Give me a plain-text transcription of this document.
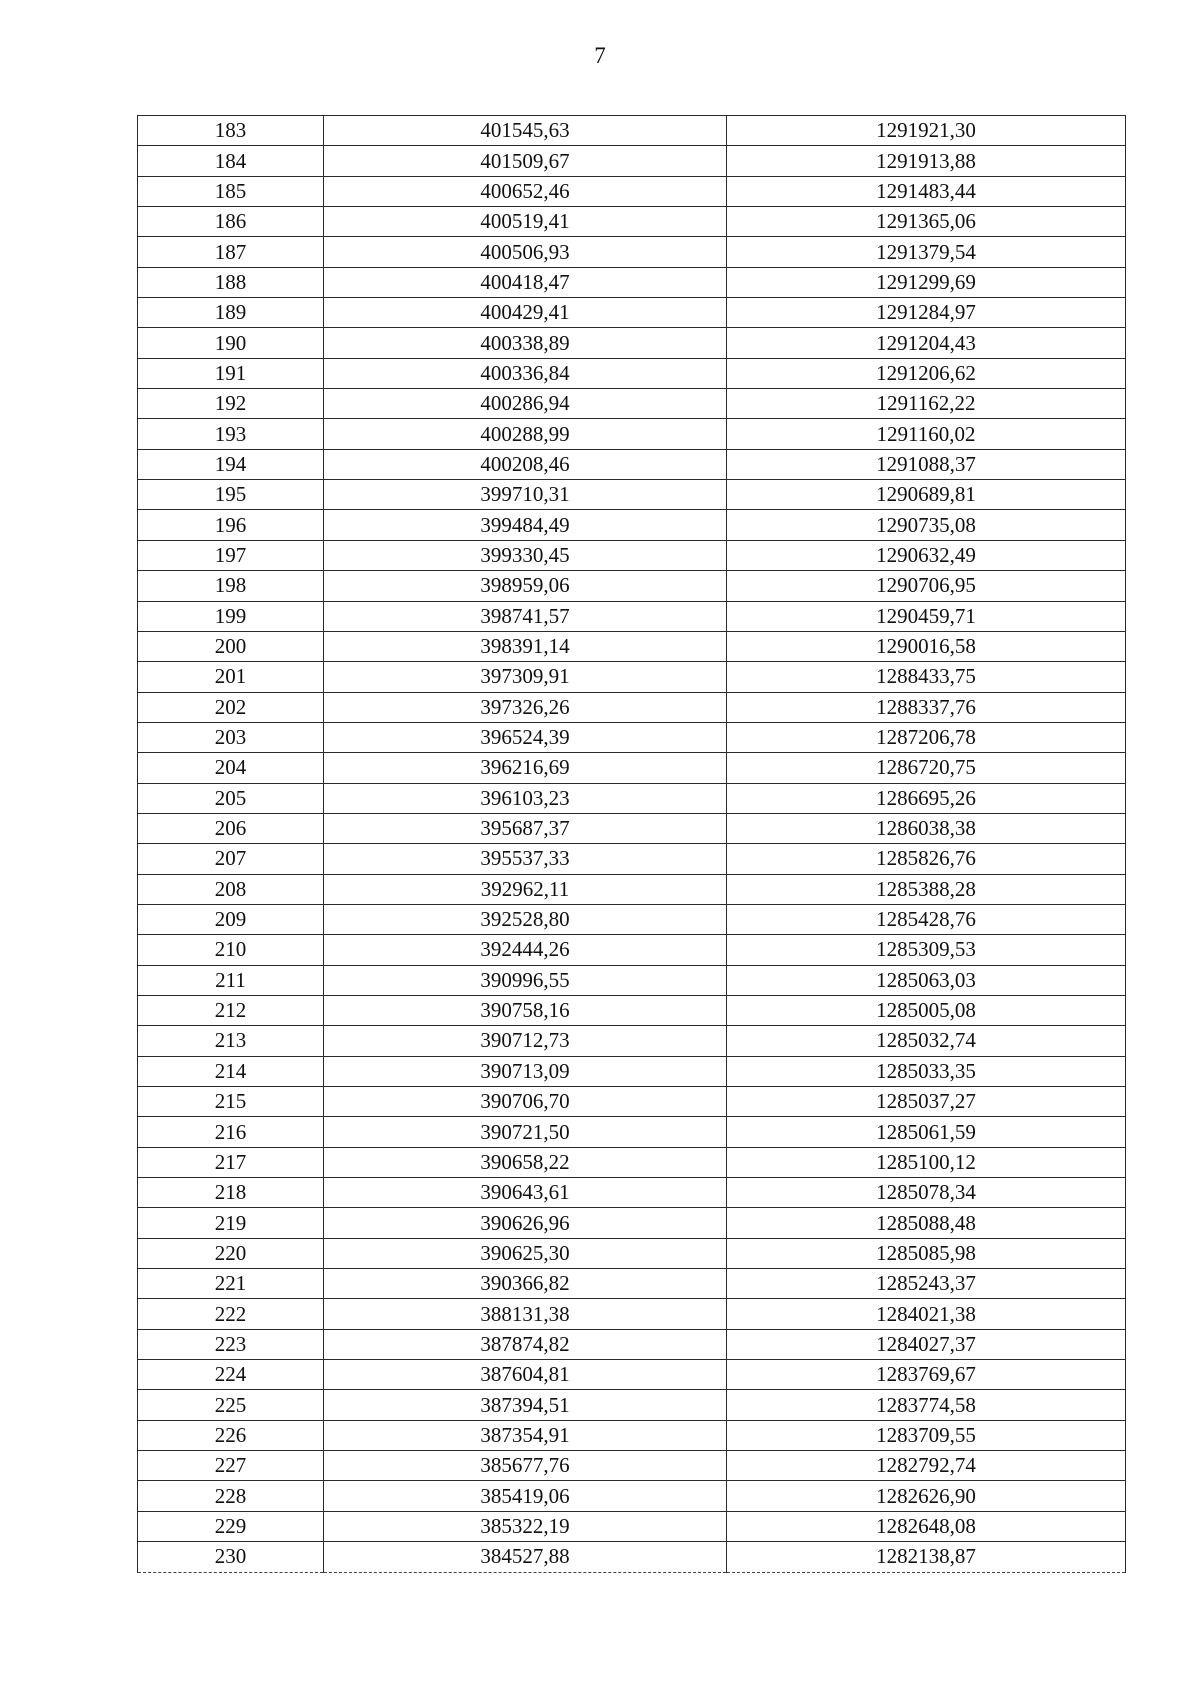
7
183	401545,63	1291921,30
184	401509,67	1291913,88
185	400652,46	1291483,44
186	400519,41	1291365,06
187	400506,93	1291379,54
188	400418,47	1291299,69
189	400429,41	1291284,97
190	400338,89	1291204,43
191	400336,84	1291206,62
192	400286,94	1291162,22
193	400288,99	1291160,02
194	400208,46	1291088,37
195	399710,31	1290689,81
196	399484,49	1290735,08
197	399330,45	1290632,49
198	398959,06	1290706,95
199	398741,57	1290459,71
200	398391,14	1290016,58
201	397309,91	1288433,75
202	397326,26	1288337,76
203	396524,39	1287206,78
204	396216,69	1286720,75
205	396103,23	1286695,26
206	395687,37	1286038,38
207	395537,33	1285826,76
208	392962,11	1285388,28
209	392528,80	1285428,76
210	392444,26	1285309,53
211	390996,55	1285063,03
212	390758,16	1285005,08
213	390712,73	1285032,74
214	390713,09	1285033,35
215	390706,70	1285037,27
216	390721,50	1285061,59
217	390658,22	1285100,12
218	390643,61	1285078,34
219	390626,96	1285088,48
220	390625,30	1285085,98
221	390366,82	1285243,37
222	388131,38	1284021,38
223	387874,82	1284027,37
224	387604,81	1283769,67
225	387394,51	1283774,58
226	387354,91	1283709,55
227	385677,76	1282792,74
228	385419,06	1282626,90
229	385322,19	1282648,08
230	384527,88	1282138,87
